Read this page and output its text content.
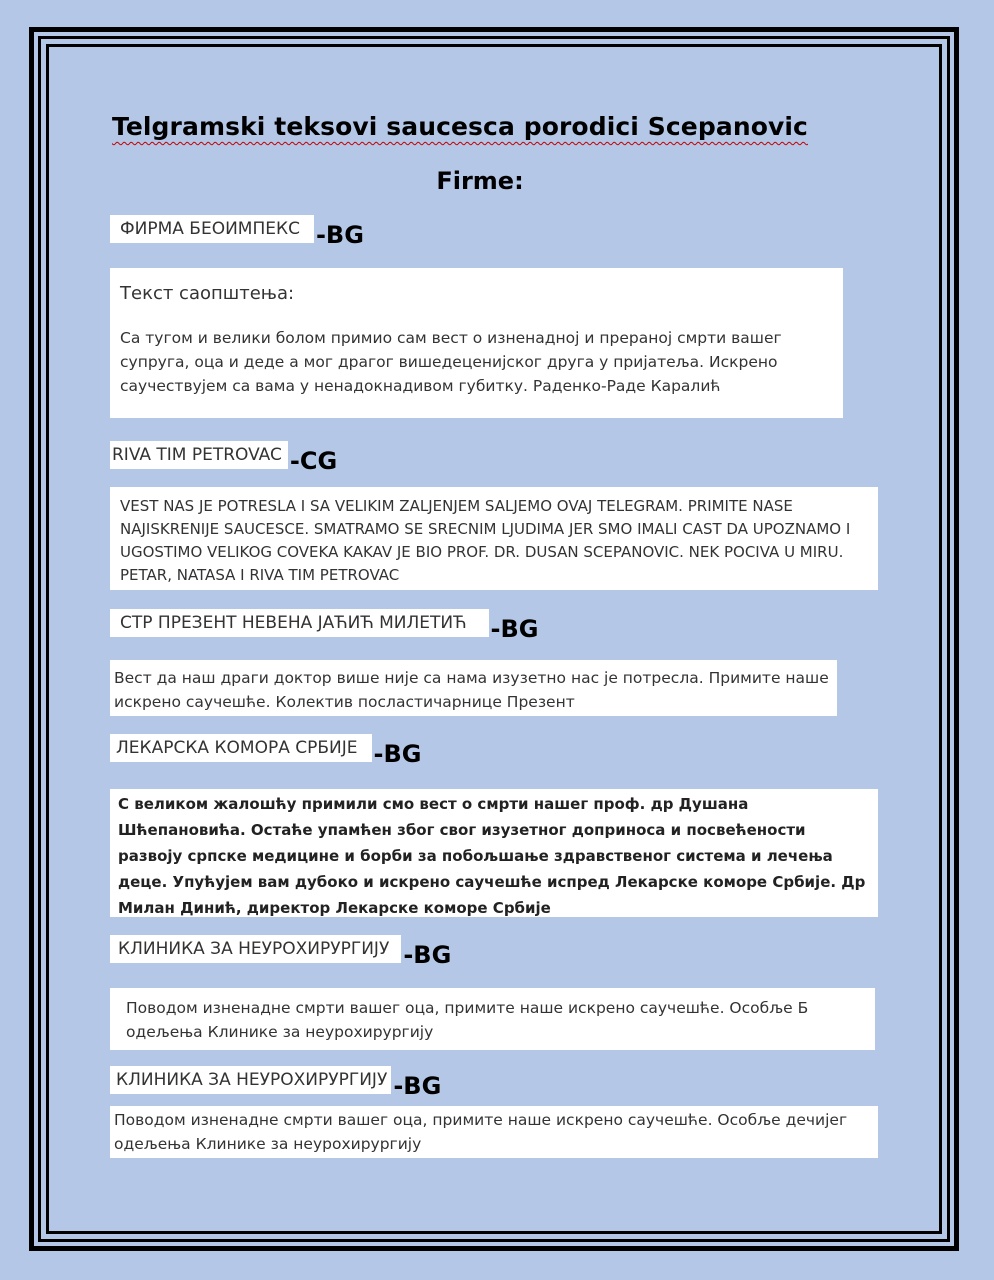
Telgramski teksovi saucesca porodici Scepanovic
Firme:
ФИРМА БЕОИМПЕКС -BG

Текст саопштења:

Са тугом и велики болом примио сам вест о изненадној и прераној смрти вашег супруга, оца и деде а мог драгог вишедеценијског друга у пријатеља. Искрено саучествујем са вама у ненадокнадивом губитку. Раденко-Раде Каралић

RIVA TIM PETROVAC -CG

VEST NAS JE POTRESLA I SA VELIKIM ZALJENJEM SALJEMO OVAJ TELEGRAM. PRIMITE NASE NAJISKRENIJE SAUCESCE. SMATRAMO SE SRECNIM LJUDIMA JER SMO IMALI CAST DA UPOZNAMO I UGOSTIMO VELIKOG COVEKA KAKAV JE BIO PROF. DR. DUSAN SCEPANOVIC. NEK POCIVA U MIRU. PETAR, NATASA I RIVA TIM PETROVAC

СТР ПРЕЗЕНТ НЕВЕНА ЈАЋИЋ МИЛЕТИЋ	-BG

Вест да наш драги доктор више није са нама изузетно нас је потресла. Примите наше искрено саучешће. Колектив посластичарнице Презент

ЛЕКАРСКА КОМОРА СРБИЈЕ -BG

С великом жалошћу примили смо вест о смрти нашег проф. др Душана Шћепановића. Остаће упамћен због свог изузетног доприноса и посвећености развоју српске медицине и борби за побољшање здравственог система и лечења деце. Упућујем вам дубоко и искрено саучешће испред Лекарске коморе Србије. Др Милан Динић, директор Лекарске коморе Србије

КЛИНИКА ЗА НЕУРОХИРУРГИЈУ -BG

Поводом изненадне смрти вашег оца, примите наше искрено саучешће. Особље Б одељења Клинике за неурохирургију

КЛИНИКА ЗА НЕУРОХИРУРГИЈУ -BG

Поводом изненадне смрти вашег оца, примите наше искрено саучешће. Особље дечијег одељења Клинике за неурохирургију
